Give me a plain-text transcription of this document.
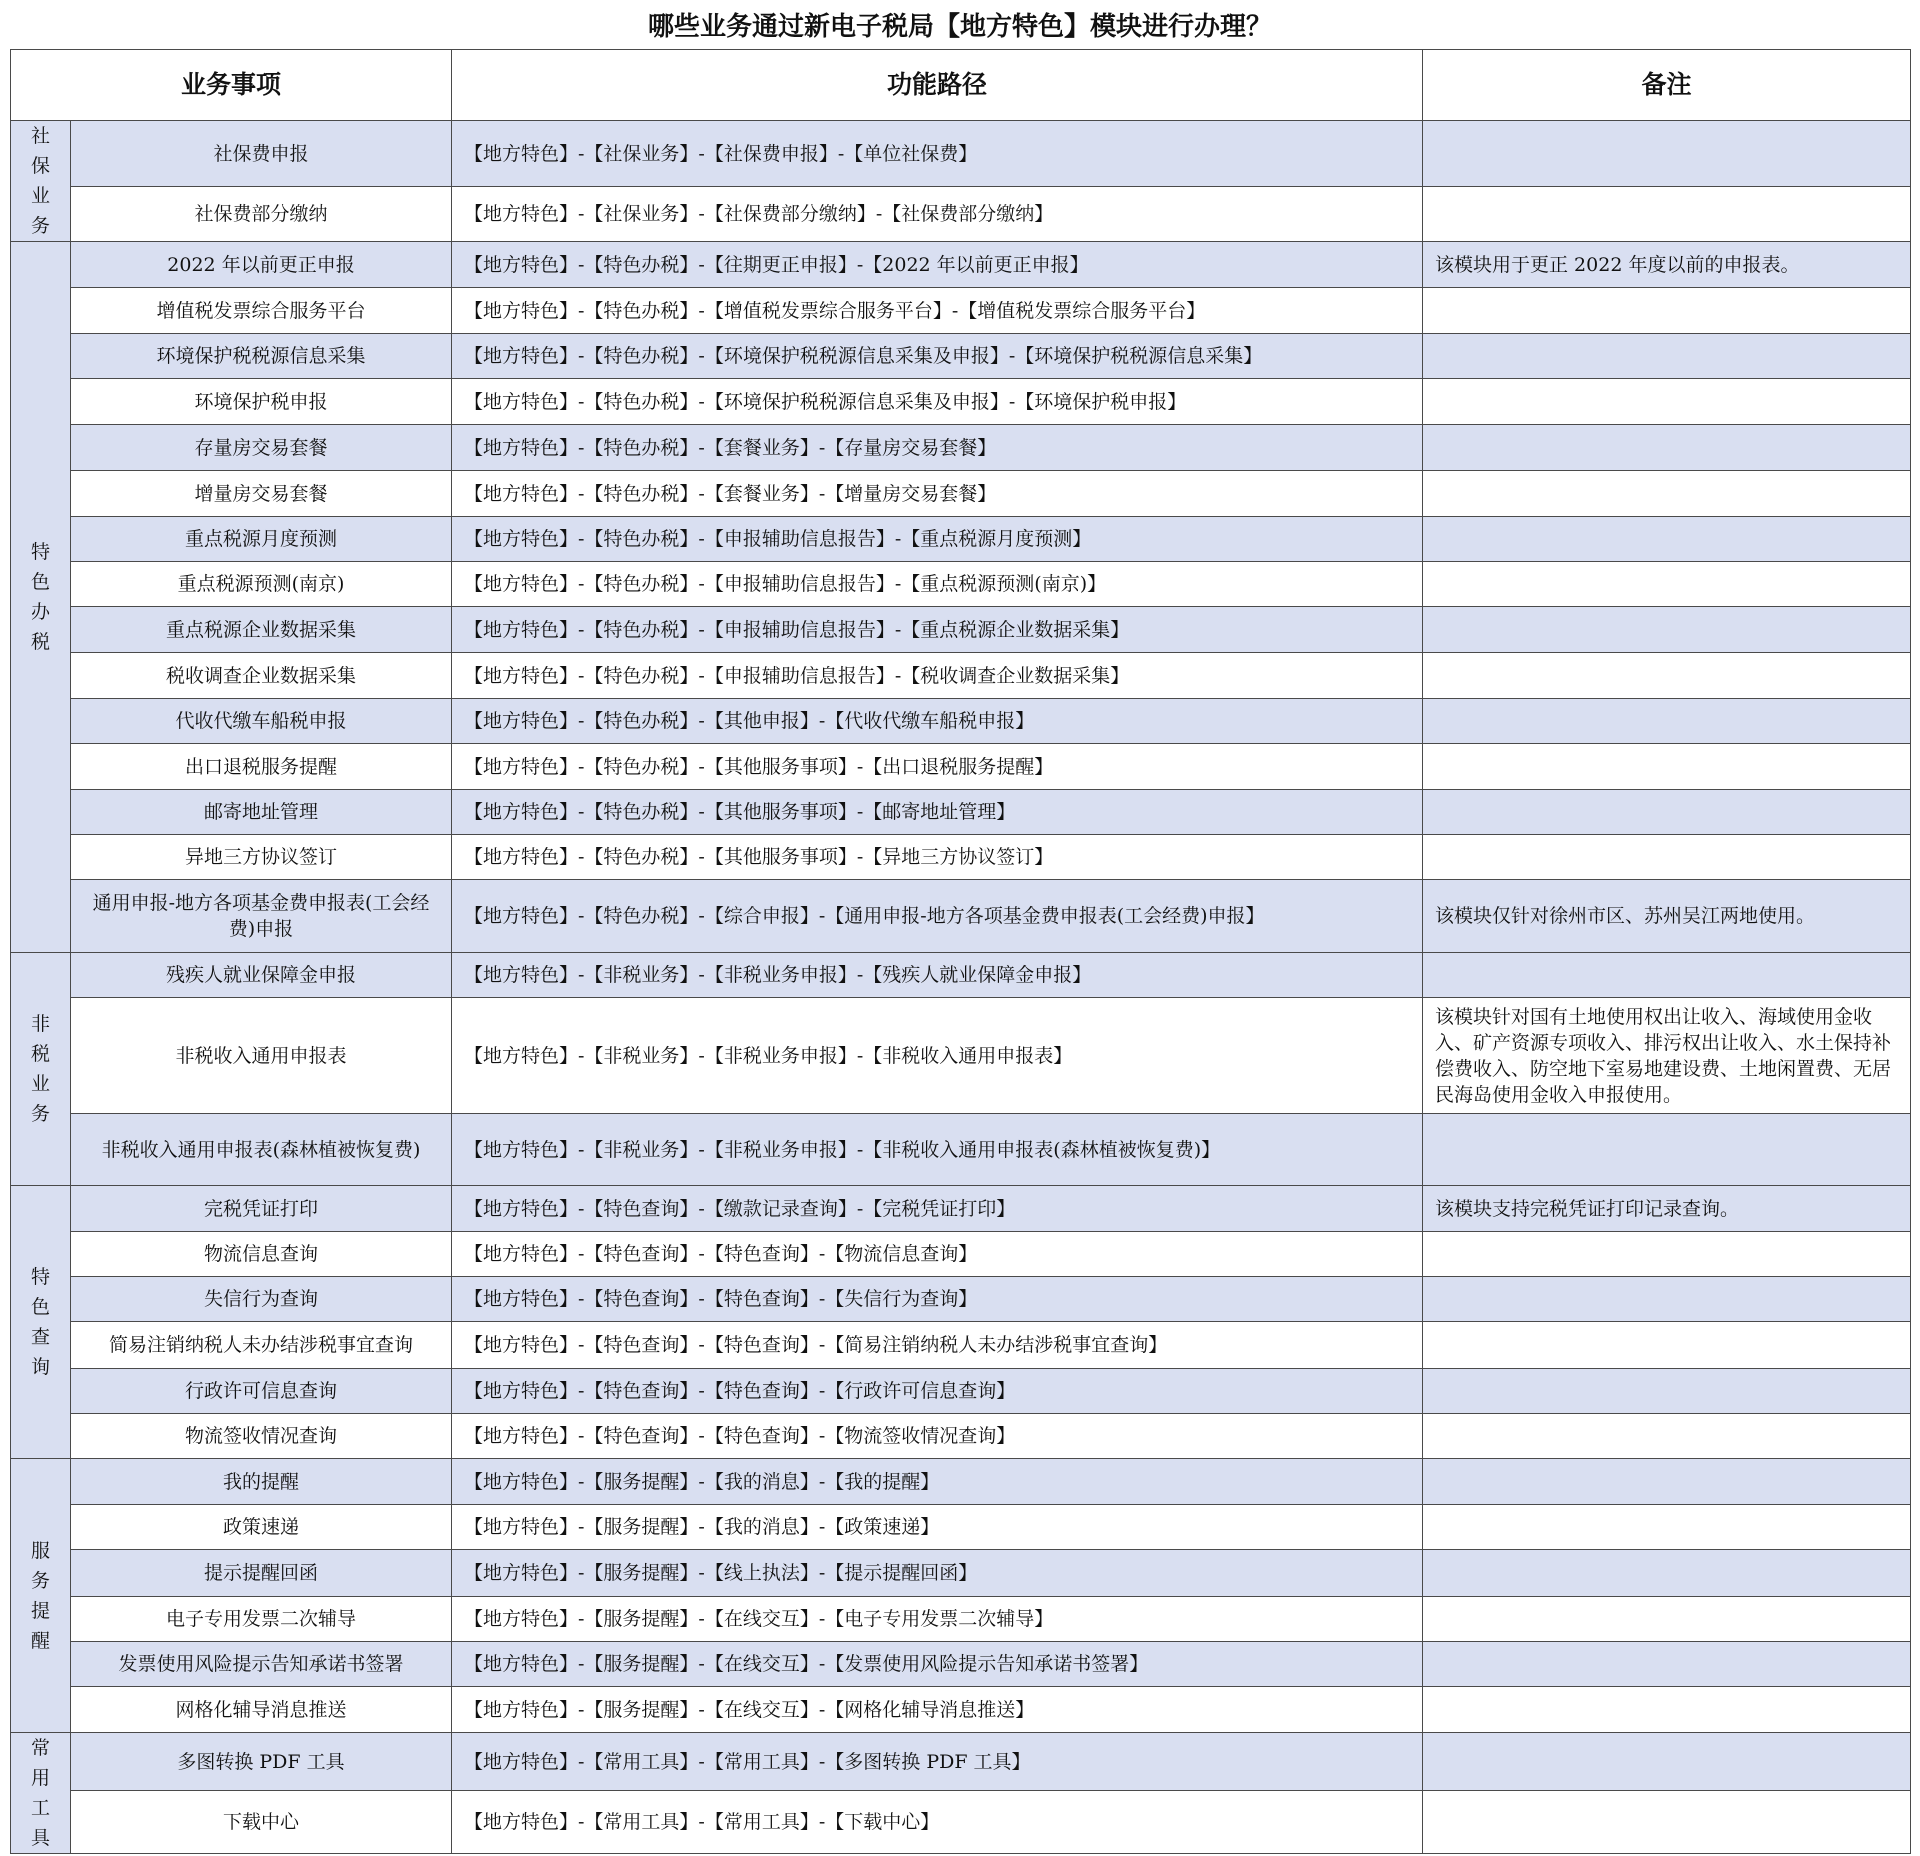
哪些业务通过新电子税局【地方特色】模块进行办理？
业务事项		功能路径	备注
社保业务	社保费申报	【地方特色】-【社保业务】-【社保费申报】-【单位社保费】	
	社保费部分缴纳	【地方特色】-【社保业务】-【社保费部分缴纳】-【社保费部分缴纳】	
特色办税	2022 年以前更正申报	【地方特色】-【特色办税】-【往期更正申报】-【2022 年以前更正申报】	该模块用于更正 2022 年度以前的申报表。
	增值税发票综合服务平台	【地方特色】-【特色办税】-【增值税发票综合服务平台】-【增值税发票综合服务平台】	
	环境保护税税源信息采集	【地方特色】-【特色办税】-【环境保护税税源信息采集及申报】-【环境保护税税源信息采集】	
	环境保护税申报	【地方特色】-【特色办税】-【环境保护税税源信息采集及申报】-【环境保护税申报】	
	存量房交易套餐	【地方特色】-【特色办税】-【套餐业务】-【存量房交易套餐】	
	增量房交易套餐	【地方特色】-【特色办税】-【套餐业务】-【增量房交易套餐】	
	重点税源月度预测	【地方特色】-【特色办税】-【申报辅助信息报告】-【重点税源月度预测】	
	重点税源预测(南京)	【地方特色】-【特色办税】-【申报辅助信息报告】-【重点税源预测(南京)】	
	重点税源企业数据采集	【地方特色】-【特色办税】-【申报辅助信息报告】-【重点税源企业数据采集】	
	税收调查企业数据采集	【地方特色】-【特色办税】-【申报辅助信息报告】-【税收调查企业数据采集】	
	代收代缴车船税申报	【地方特色】-【特色办税】-【其他申报】-【代收代缴车船税申报】	
	出口退税服务提醒	【地方特色】-【特色办税】-【其他服务事项】-【出口退税服务提醒】	
	邮寄地址管理	【地方特色】-【特色办税】-【其他服务事项】-【邮寄地址管理】	
	异地三方协议签订	【地方特色】-【特色办税】-【其他服务事项】-【异地三方协议签订】	
	通用申报-地方各项基金费申报表(工会经费)申报	【地方特色】-【特色办税】-【综合申报】-【通用申报-地方各项基金费申报表(工会经费)申报】	该模块仅针对徐州市区、苏州吴江两地使用。
非税业务	残疾人就业保障金申报	【地方特色】-【非税业务】-【非税业务申报】-【残疾人就业保障金申报】	
	非税收入通用申报表	【地方特色】-【非税业务】-【非税业务申报】-【非税收入通用申报表】	该模块针对国有土地使用权出让收入、海域使用金收入、矿产资源专项收入、排污权出让收入、水土保持补偿费收入、防空地下室易地建设费、土地闲置费、无居民海岛使用金收入申报使用。
	非税收入通用申报表(森林植被恢复费)	【地方特色】-【非税业务】-【非税业务申报】-【非税收入通用申报表(森林植被恢复费)】	
特色查询	完税凭证打印	【地方特色】-【特色查询】-【缴款记录查询】-【完税凭证打印】	该模块支持完税凭证打印记录查询。
	物流信息查询	【地方特色】-【特色查询】-【特色查询】-【物流信息查询】	
	失信行为查询	【地方特色】-【特色查询】-【特色查询】-【失信行为查询】	
	简易注销纳税人未办结涉税事宜查询	【地方特色】-【特色查询】-【特色查询】-【简易注销纳税人未办结涉税事宜查询】	
	行政许可信息查询	【地方特色】-【特色查询】-【特色查询】-【行政许可信息查询】	
	物流签收情况查询	【地方特色】-【特色查询】-【特色查询】-【物流签收情况查询】	
服务提醒	我的提醒	【地方特色】-【服务提醒】-【我的消息】-【我的提醒】	
	政策速递	【地方特色】-【服务提醒】-【我的消息】-【政策速递】	
	提示提醒回函	【地方特色】-【服务提醒】-【线上执法】-【提示提醒回函】	
	电子专用发票二次辅导	【地方特色】-【服务提醒】-【在线交互】-【电子专用发票二次辅导】	
	发票使用风险提示告知承诺书签署	【地方特色】-【服务提醒】-【在线交互】-【发票使用风险提示告知承诺书签署】	
	网格化辅导消息推送	【地方特色】-【服务提醒】-【在线交互】-【网格化辅导消息推送】	
常用工具	多图转换 PDF 工具	【地方特色】-【常用工具】-【常用工具】-【多图转换 PDF 工具】	
	下载中心	【地方特色】-【常用工具】-【常用工具】-【下载中心】	
